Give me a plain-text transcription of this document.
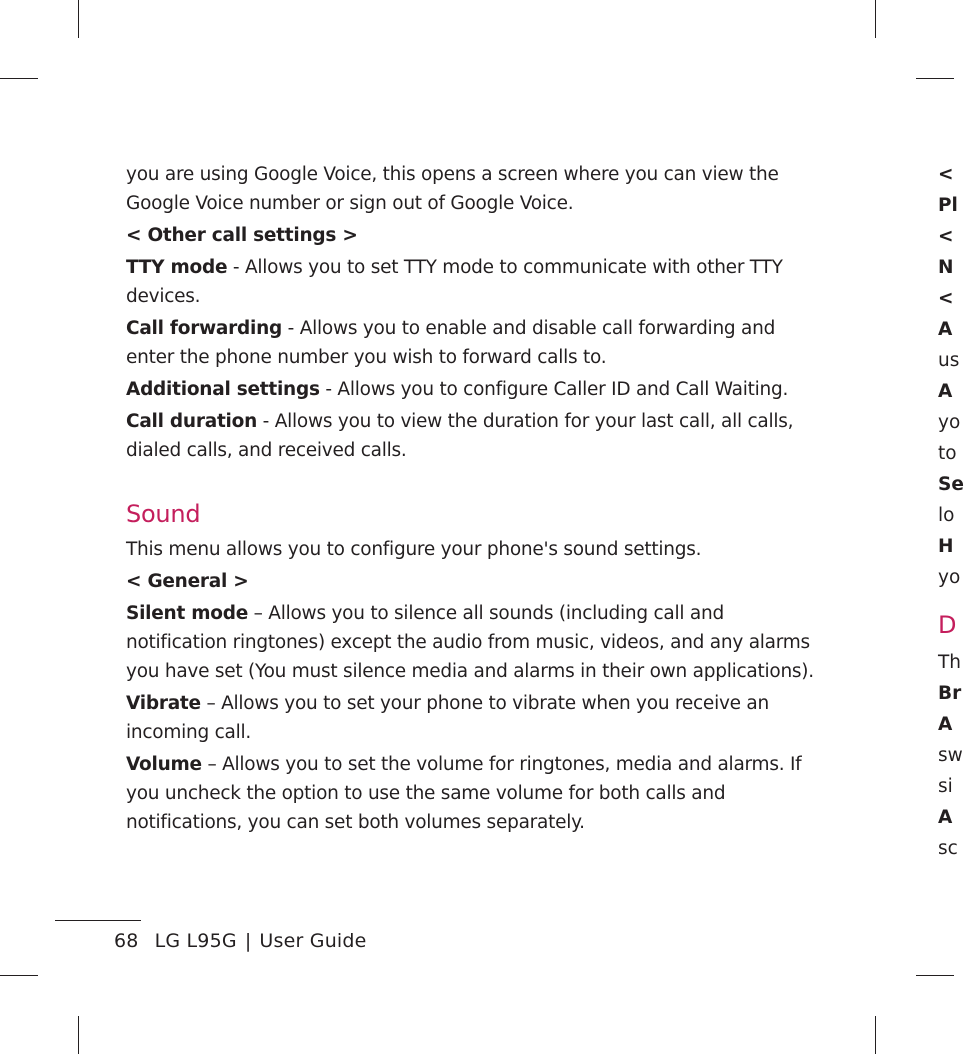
you are using Google Voice, this opens a screen where you can view the Google Voice number or sign out of Google Voice.

< Other call settings >

TTY mode - Allows you to set TTY mode to communicate with other TTY devices.

Call forwarding - Allows you to enable and disable call forwarding and enter the phone number you wish to forward calls to.

Additional settings - Allows you to configure Caller ID and Call Waiting.

Call duration - Allows you to view the duration for your last call, all calls, dialed calls, and received calls.

Sound

This menu allows you to configure your phone's sound settings.

< General >

Silent mode – Allows you to silence all sounds (including call and notification ringtones) except the audio from music, videos, and any alarms you have set (You must silence media and alarms in their own applications).

Vibrate – Allows you to set your phone to vibrate when you receive an incoming call.

Volume – Allows you to set the volume for ringtones, media and alarms. If you uncheck the option to use the same volume for both calls and notifications, you can set both volumes separately.

<
Pl
<
N
<
A
us
A
yo
to
Se
lo
H
yo
D
Th
Br
A
sw
si
A
sc
68 LG L95G | User Guide
